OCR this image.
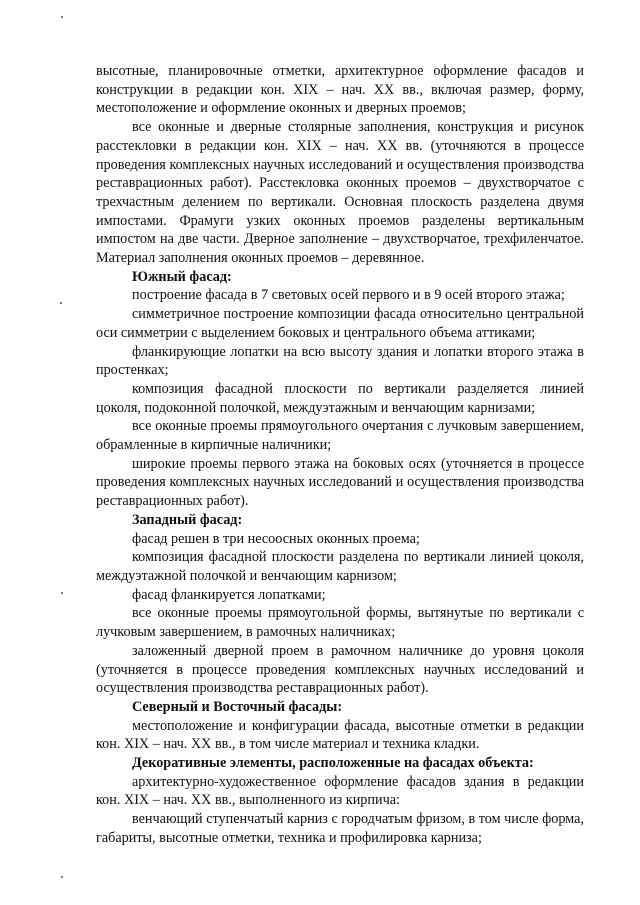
высотные, планировочные отметки, архитектурное оформление фасадов и конструкции в редакции кон. XIX – нач. XX вв., включая размер, форму, местоположение и оформление оконных и дверных проемов;

все оконные и дверные столярные заполнения, конструкция и рисунок расстекловки в редакции кон. XIX – нач. XX вв. (уточняются в процессе проведения комплексных научных исследований и осуществления производства реставрационных работ). Расстекловка оконных проемов – двухстворчатое с трехчастным делением по вертикали. Основная плоскость разделена двумя импостами. Фрамуги узких оконных проемов разделены вертикальным импостом на две части. Дверное заполнение – двухстворчатое, трехфиленчатое. Материал заполнения оконных проемов – деревянное.

Южный фасад:

построение фасада в 7 световых осей первого и в 9 осей второго этажа;

симметричное построение композиции фасада относительно центральной оси симметрии с выделением боковых и центрального объема аттиками;

фланкирующие лопатки на всю высоту здания и лопатки второго этажа в простенках;

композиция фасадной плоскости по вертикали разделяется линией цоколя, подоконной полочкой, междуэтажным и венчающим карнизами;

все оконные проемы прямоугольного очертания с лучковым завершением, обрамленные в кирпичные наличники;

широкие проемы первого этажа на боковых осях (уточняется в процессе проведения комплексных научных исследований и осуществления производства реставрационных работ).

Западный фасад:

фасад решен в три несоосных оконных проема;

композиция фасадной плоскости разделена по вертикали линией цоколя, междуэтажной полочкой и венчающим карнизом;

фасад фланкируется лопатками;

все оконные проемы прямоугольной формы, вытянутые по вертикали с лучковым завершением, в рамочных наличниках;

заложенный дверной проем в рамочном наличнике до уровня цоколя (уточняется в процессе проведения комплексных научных исследований и осуществления производства реставрационных работ).

Северный и Восточный фасады:

местоположение и конфигурации фасада, высотные отметки в редакции кон. XIX – нач. XX вв., в том числе материал и техника кладки.

Декоративные элементы, расположенные на фасадах объекта:

архитектурно-художественное оформление фасадов здания в редакции кон. XIX – нач. XX вв., выполненного из кирпича:

венчающий ступенчатый карниз с городчатым фризом, в том числе форма, габариты, высотные отметки, техника и профилировка карниза;
